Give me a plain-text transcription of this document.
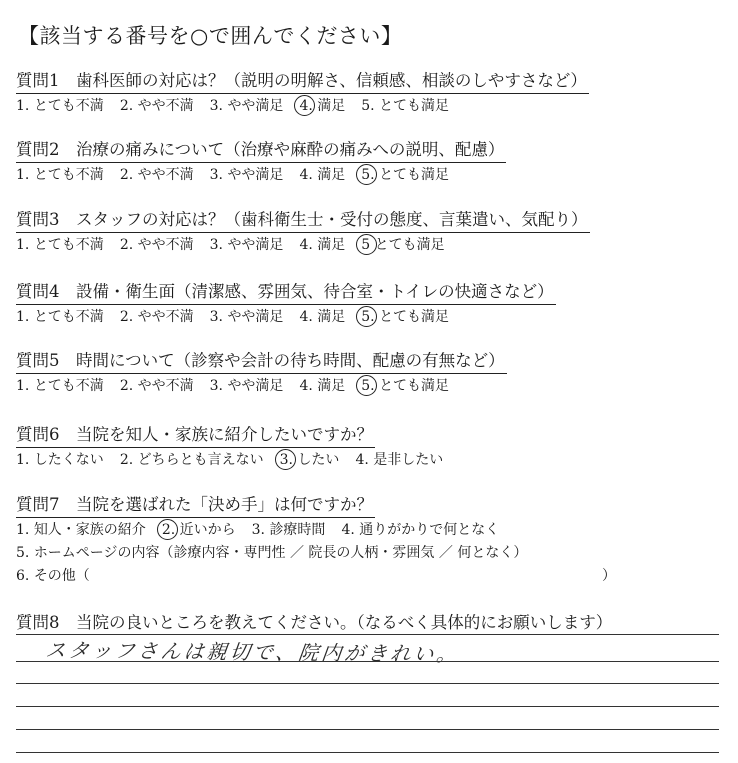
【該当する番号を○で囲んでください】
質問1　歯科医師の対応は？（説明の明解さ、信頼感、相談のしやすさなど）
1. とても不満 2. やや不満 3. やや満足 4. 満足 5. とても満足
質問2　治療の痛みについて（治療や麻酔の痛みへの説明、配慮）
1. とても不満 2. やや不満 3. やや満足 4. 満足 5. とても満足
質問3　スタッフの対応は？（歯科衛生士・受付の態度、言葉遣い、気配り）
1. とても不満 2. やや不満 3. やや満足 4. 満足 5 とても満足
質問4　設備・衛生面（清潔感、雰囲気、待合室・トイレの快適さなど）
1. とても不満 2. やや不満 3. やや満足 4. 満足 5. とても満足
質問5　時間について（診察や会計の待ち時間、配慮の有無など）
1. とても不満 2. やや不満 3. やや満足 4. 満足 5. とても満足
質問6　当院を知人・家族に紹介したいですか？
1. したくない 2. どちらとも言えない 3. したい 4. 是非したい
質問7　当院を選ばれた「決め手」は何ですか？
1. 知人・家族の紹介 2. 近いから 3. 診療時間 4. 通りがかりで何となく
5. ホームページの内容（診療内容・専門性 ／ 院長の人柄・雰囲気 ／ 何となく）
6. その他（	）
質問8　当院の良いところを教えてください。（なるべく具体的にお願いします）
スタッフさんは親切で、院内がきれい。
